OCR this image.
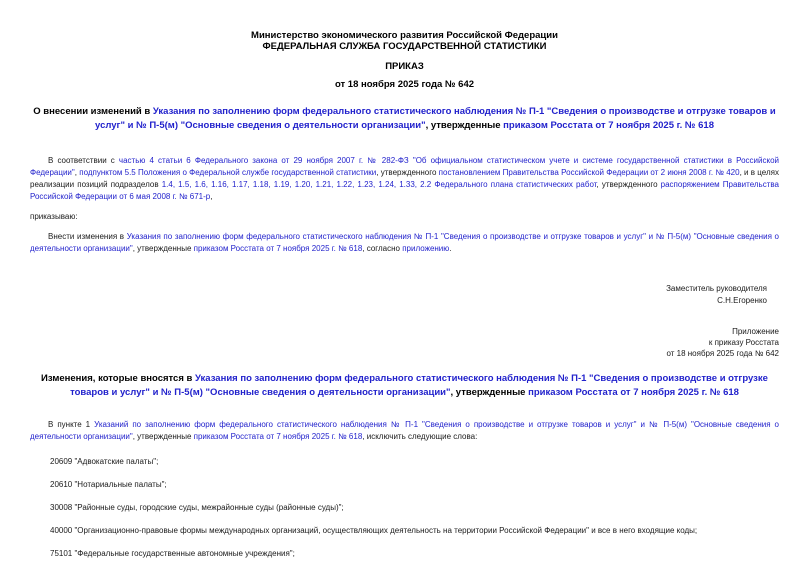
Министерство экономического развития Российской Федерации
ФЕДЕРАЛЬНАЯ СЛУЖБА ГОСУДАРСТВЕННОЙ СТАТИСТИКИ
ПРИКАЗ
от 18 ноября 2025 года № 642
О внесении изменений в Указания по заполнению форм федерального статистического наблюдения № П-1 "Сведения о производстве и отгрузке товаров и услуг" и № П-5(м) "Основные сведения о деятельности организации", утвержденные приказом Росстата от 7 ноября 2025 г. № 618

В соответствии с частью 4 статьи 6 Федерального закона от 29 ноября 2007 г. № 282-ФЗ "Об официальном статистическом учете и системе государственной статистики в Российской Федерации", подпунктом 5.5 Положения о Федеральной службе государственной статистики, утвержденного постановлением Правительства Российской Федерации от 2 июня 2008 г. № 420, и в целях реализации позиций подразделов 1.4, 1.5, 1.6, 1.16, 1.17, 1.18, 1.19, 1.20, 1.21, 1.22, 1.23, 1.24, 1.33, 2.2 Федерального плана статистических работ, утвержденного распоряжением Правительства Российской Федерации от 6 мая 2008 г. № 671-р,

приказываю:

Внести изменения в Указания по заполнению форм федерального статистического наблюдения № П-1 "Сведения о производстве и отгрузке товаров и услуг" и № П-5(м) "Основные сведения о деятельности организации", утвержденные приказом Росстата от 7 ноября 2025 г. № 618, согласно приложению.

Заместитель руководителя
С.Н.Егоренко
Приложение
к приказу Росстата
от 18 ноября 2025 года № 642
Изменения, которые вносятся в Указания по заполнению форм федерального статистического наблюдения № П-1 "Сведения о производстве и отгрузке товаров и услуг" и № П-5(м) "Основные сведения о деятельности организации", утвержденные приказом Росстата от 7 ноября 2025 г. № 618

В пункте 1 Указаний по заполнению форм федерального статистического наблюдения № П-1 "Сведения о производстве и отгрузке товаров и услуг" и № П-5(м) "Основные сведения о деятельности организации", утвержденные приказом Росстата от 7 ноября 2025 г. № 618, исключить следующие слова:

20609 "Адвокатские палаты";

20610 "Нотариальные палаты";

30008 "Районные суды, городские суды, межрайонные суды (районные суды)";

40000 "Организационно-правовые формы международных организаций, осуществляющих деятельность на территории Российской Федерации" и все в него входящие коды;

75101 "Федеральные государственные автономные учреждения";
